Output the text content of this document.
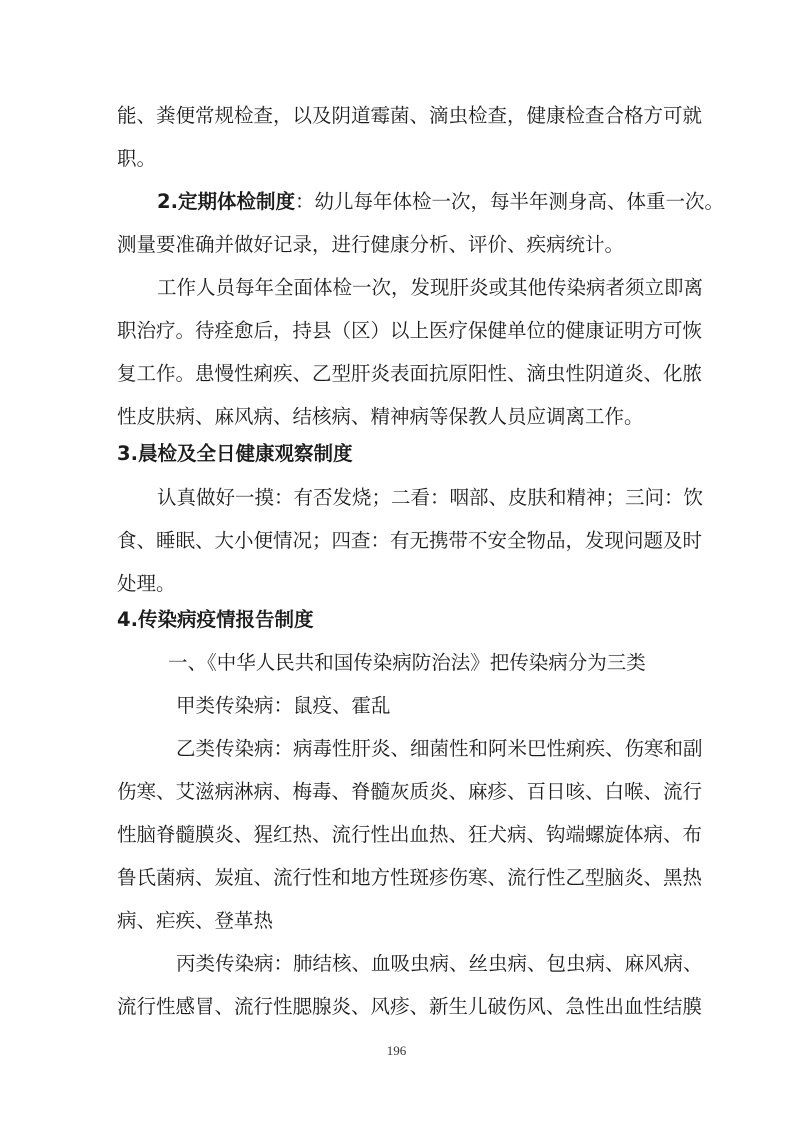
能、粪便常规检查，以及阴道霉菌、滴虫检查，健康检查合格方可就
职。
2.定期体检制度：幼儿每年体检一次，每半年测身高、体重一次。
测量要准确并做好记录，进行健康分析、评价、疾病统计。
工作人员每年全面体检一次，发现肝炎或其他传染病者须立即离
职治疗。待痊愈后，持县（区）以上医疗保健单位的健康证明方可恢
复工作。患慢性痢疾、乙型肝炎表面抗原阳性、滴虫性阴道炎、化脓
性皮肤病、麻风病、结核病、精神病等保教人员应调离工作。
3.晨检及全日健康观察制度
认真做好一摸：有否发烧；二看：咽部、皮肤和精神；三问：饮
食、睡眠、大小便情况；四查：有无携带不安全物品，发现问题及时
处理。
4.传染病疫情报告制度
一、《中华人民共和国传染病防治法》把传染病分为三类
甲类传染病：鼠疫、霍乱
乙类传染病：病毒性肝炎、细菌性和阿米巴性痢疾、伤寒和副
伤寒、艾滋病淋病、梅毒、脊髓灰质炎、麻疹、百日咳、白喉、流行
性脑脊髓膜炎、猩红热、流行性出血热、狂犬病、钩端螺旋体病、布
鲁氏菌病、炭疽、流行性和地方性斑疹伤寒、流行性乙型脑炎、黑热
病、疟疾、登革热
丙类传染病：肺结核、血吸虫病、丝虫病、包虫病、麻风病、
流行性感冒、流行性腮腺炎、风疹、新生儿破伤风、急性出血性结膜
196
